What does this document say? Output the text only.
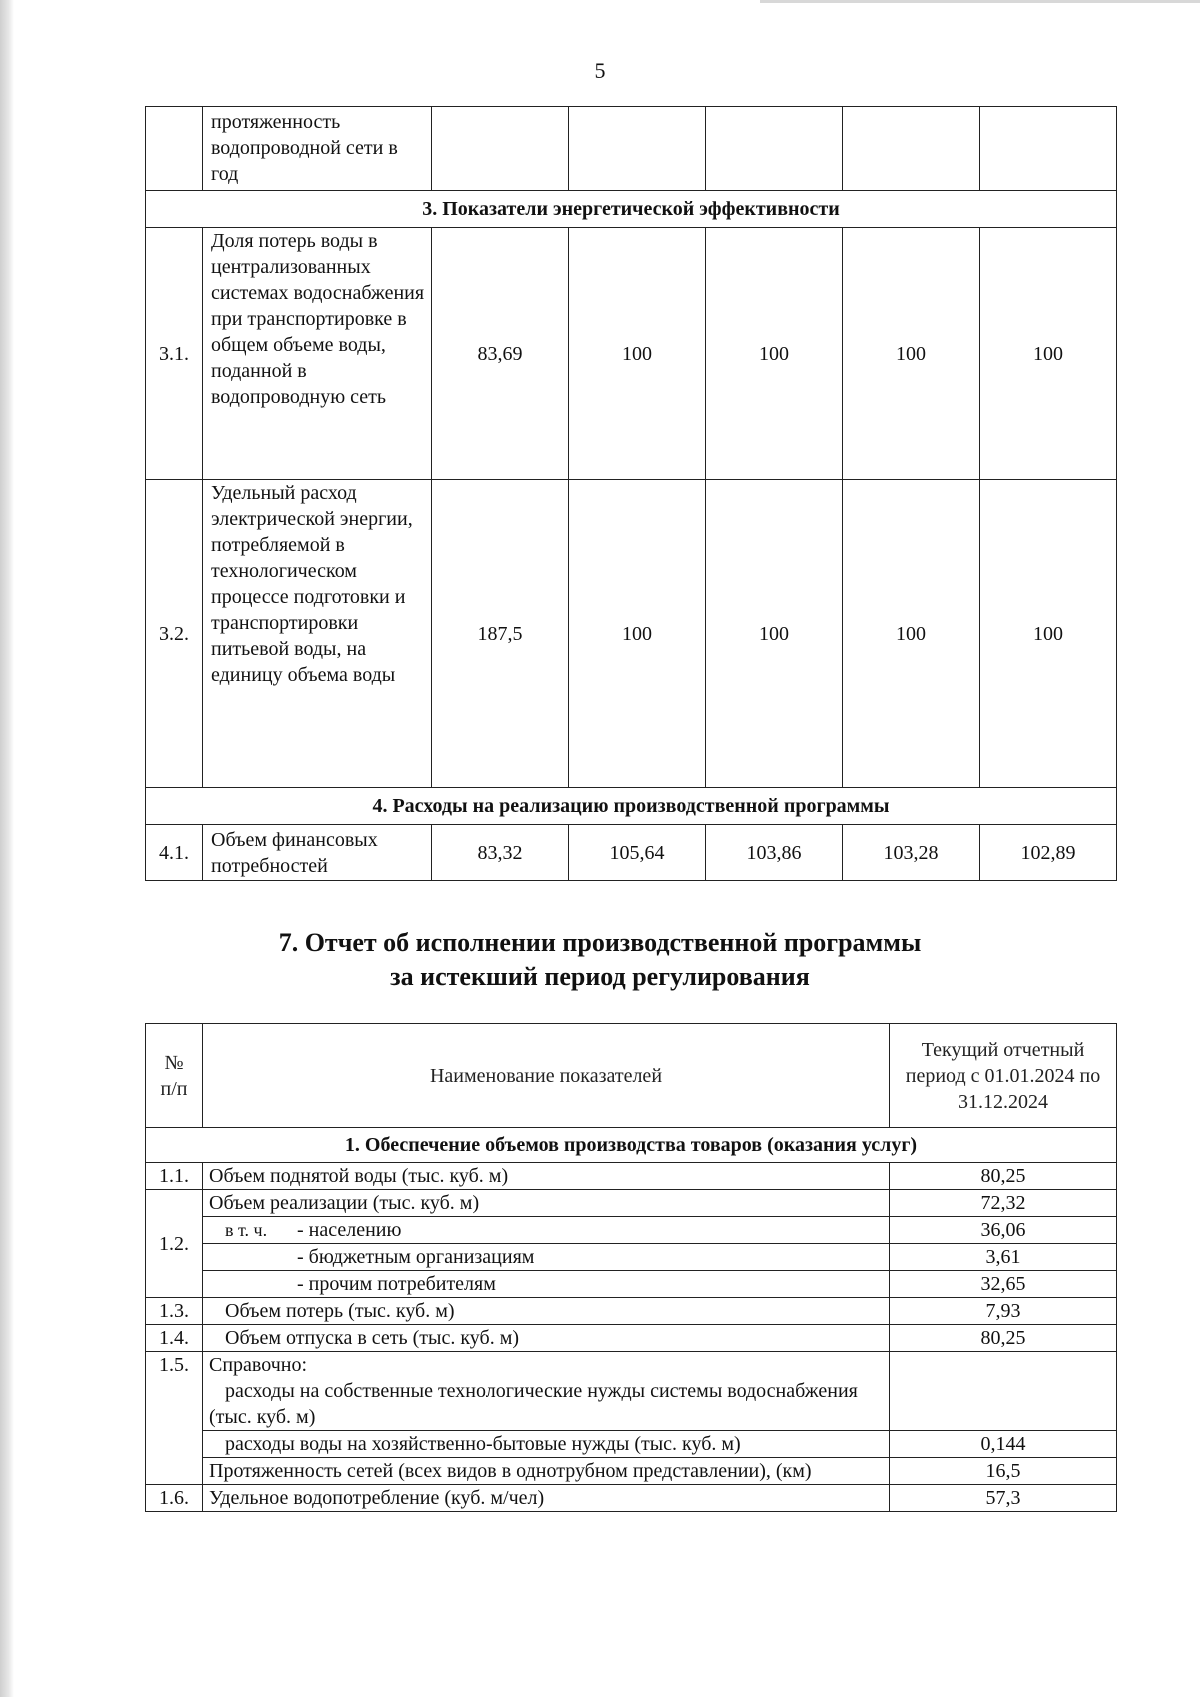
5
	протяженность водопроводной сети в год					
3. Показатели энергетической эффективности						
3.1.	Доля потерь воды в централизованных системах водоснабжения при транспортировке в общем объеме воды, поданной в водопроводную сеть	83,69	100	100	100	100
3.2.	Удельный расход электрической энергии, потребляемой в технологическом процессе подготовки и транспортировки питьевой воды, на единицу объема воды	187,5	100	100	100	100
4. Расходы на реализацию производственной программы						
4.1.	Объем финансовых потребностей	83,32	105,64	103,86	103,28	102,89
7. Отчет об исполнении производственной программы
за истекший период регулирования
№ п/п	Наименование показателей	Текущий отчетный период с 01.01.2024 по 31.12.2024
1. Обеспечение объемов производства товаров (оказания услуг)		
1.1.	Объем поднятой воды (тыс. куб. м)	80,25
1.2.	Объем реализации (тыс. куб. м)	72,32
	в т. ч. - населению	36,06
	- бюджетным организациям	3,61
	- прочим потребителям	32,65
1.3.	Объем потерь (тыс. куб. м)	7,93
1.4.	Объем отпуска в сеть (тыс. куб. м)	80,25
1.5.	Справочно:
расходы на собственные технологические нужды системы водоснабжения (тыс. куб. м)	

	расходы воды на хозяйственно-бытовые нужды (тыс. куб. м)	0,144
	Протяженность сетей (всех видов в однотрубном представлении), (км)	16,5
1.6.	Удельное водопотребление (куб. м/чел)	57,3
